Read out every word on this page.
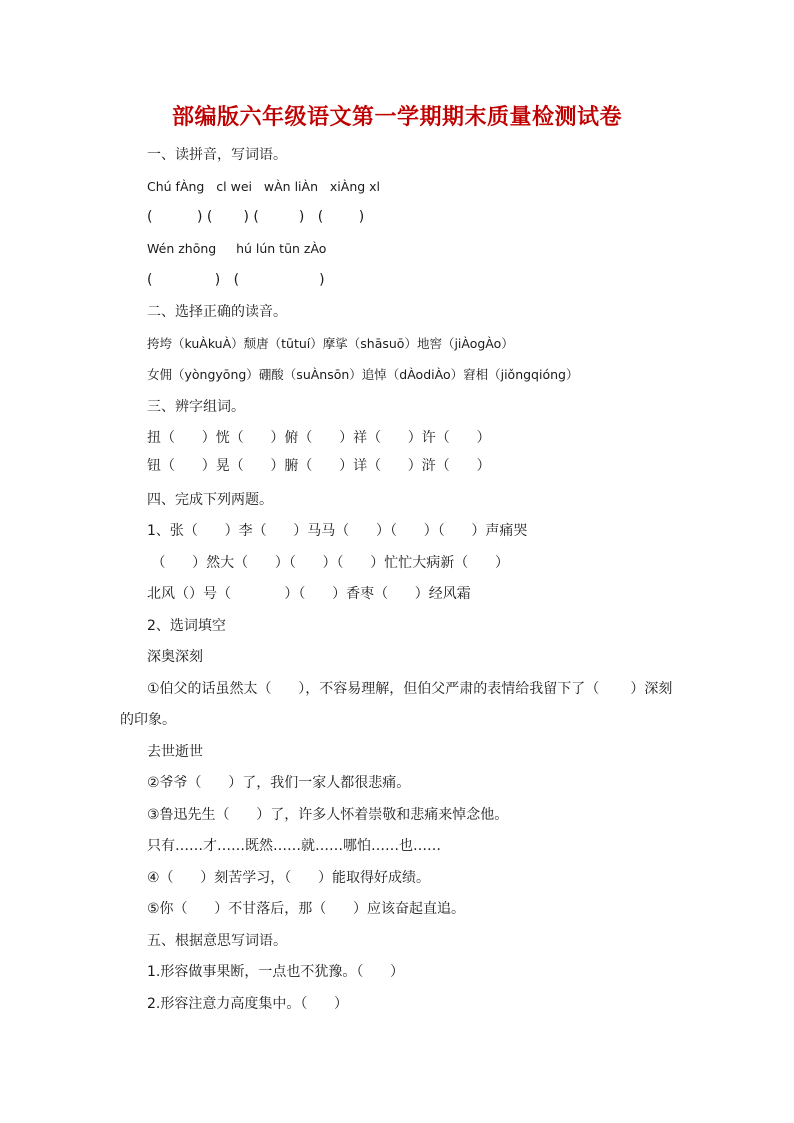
部编版六年级语文第一学期期末质量检测试卷
一、读拼音，写词语。
Chú fÀng   cl wei   wÀn liÀn   xiÀng xl
(          ) (       ) (         )   (        )
Wén zhōng     hú lún tūn zÀo
(              )   (                  )
二、选择正确的读音。
挎垮（kuÀkuÀ）颓唐（tūtuí）摩挲（shāsuō）地窖（jiÀogÀo）
女佣（yòngyōng）硼酸（suÀnsōn）追悼（dÀodiÀo）窘相（jiǒngqióng）
三、辨字组词。
扭（      ）恍（      ）俯（      ）祥（      ）许（      ）
钮（      ）晃（      ）腑（      ）详（      ）浒（      ）
四、完成下列两题。
1、张（      ）李（      ）马马（      ）（      ）（      ）声痛哭
（      ）然大（      ）（      ）（      ）忙忙大病新（      ）
北风（）号（            ）（      ）香枣（      ）经风霜
2、选词填空
深奥深刻
①伯父的话虽然太（      ），不容易理解，但伯父严肃的表情给我留下了（       ）深刻
的印象。
去世逝世
②爷爷（      ）了，我们一家人都很悲痛。
③鲁迅先生（      ）了，许多人怀着崇敬和悲痛来悼念他。
只有……才……既然……就……哪怕……也……
④（      ）刻苦学习，（      ）能取得好成绩。
⑤你（      ）不甘落后，那（      ）应该奋起直追。
五、根据意思写词语。
1.形容做事果断，一点也不犹豫。（      ）
2.形容注意力高度集中。（      ）
